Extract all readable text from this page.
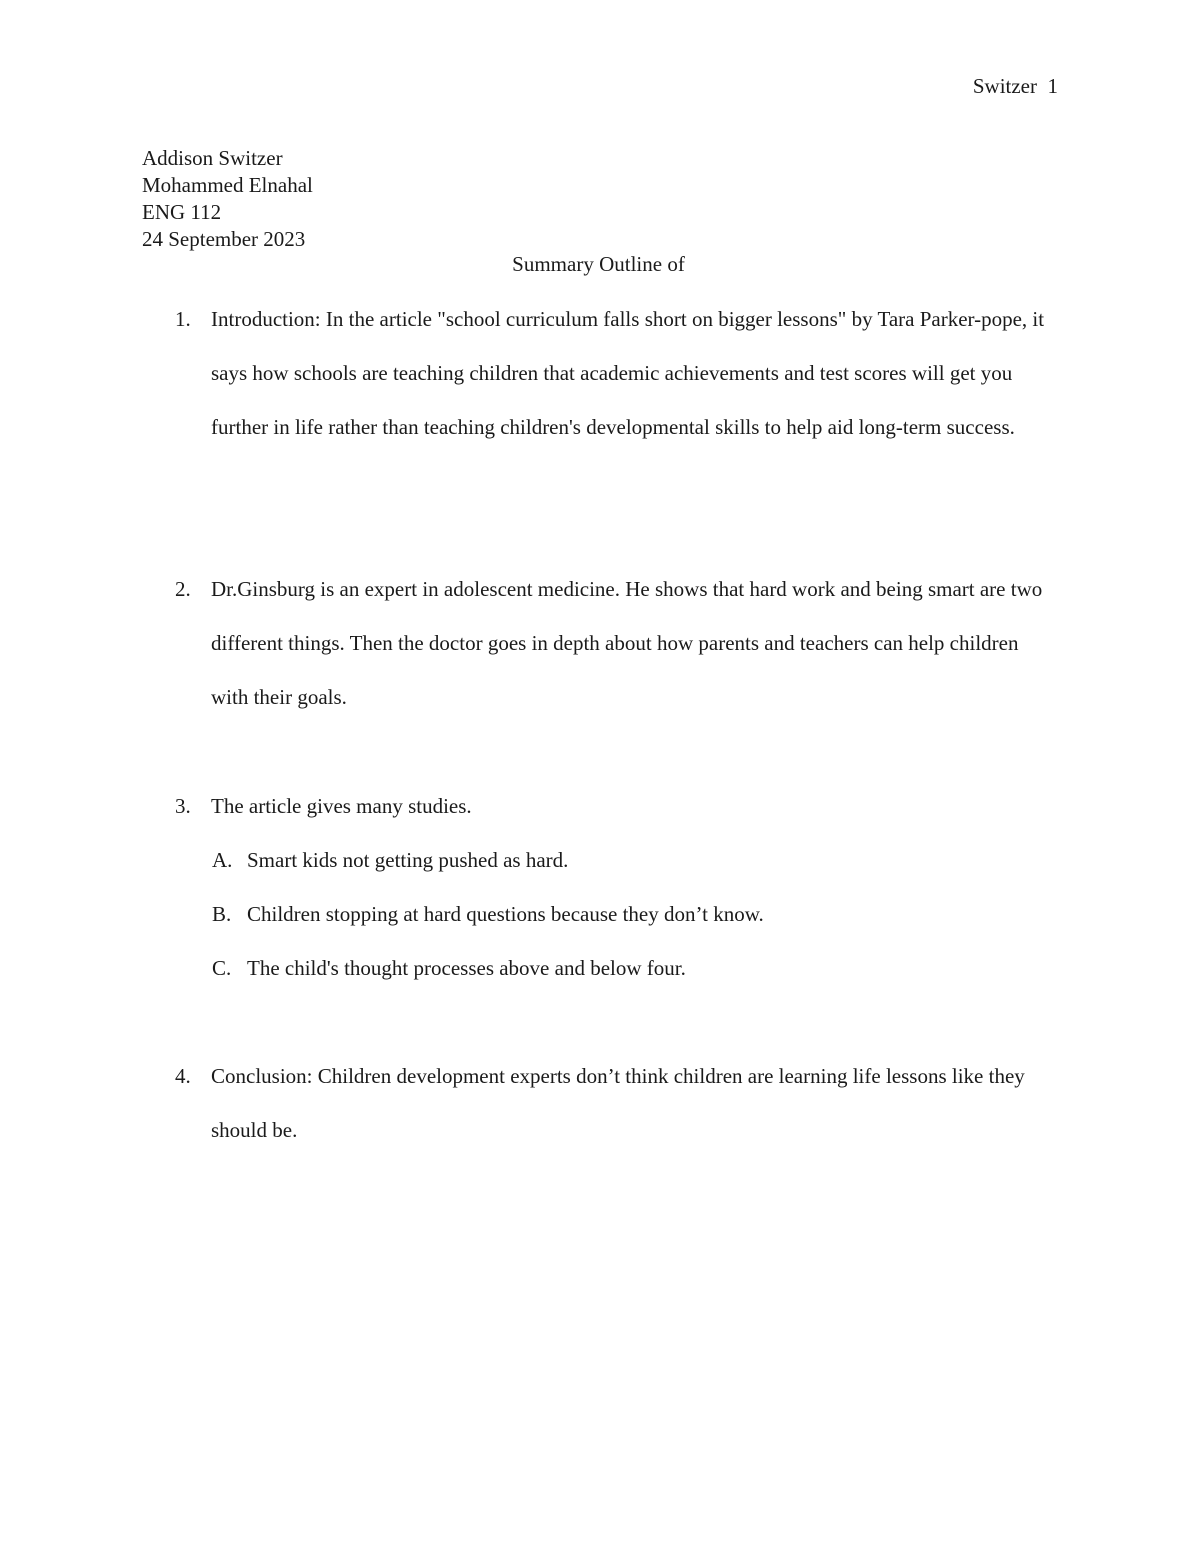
Switzer  1
Addison Switzer
Mohammed Elnahal
ENG 112
24 September 2023
Summary Outline of
1. Introduction: In the article "school curriculum falls short on bigger lessons" by Tara Parker-pope, it says how schools are teaching children that academic achievements and test scores will get you further in life rather than teaching children's developmental skills to help aid long-term success.
2. Dr.Ginsburg is an expert in adolescent medicine. He shows that hard work and being smart are two different things. Then the doctor goes in depth about how parents and teachers can help children with their goals.
3. The article gives many studies.
A. Smart kids not getting pushed as hard.
B. Children stopping at hard questions because they don’t know.
C. The child's thought processes above and below four.
4. Conclusion: Children development experts don’t think children are learning life lessons like they should be.
